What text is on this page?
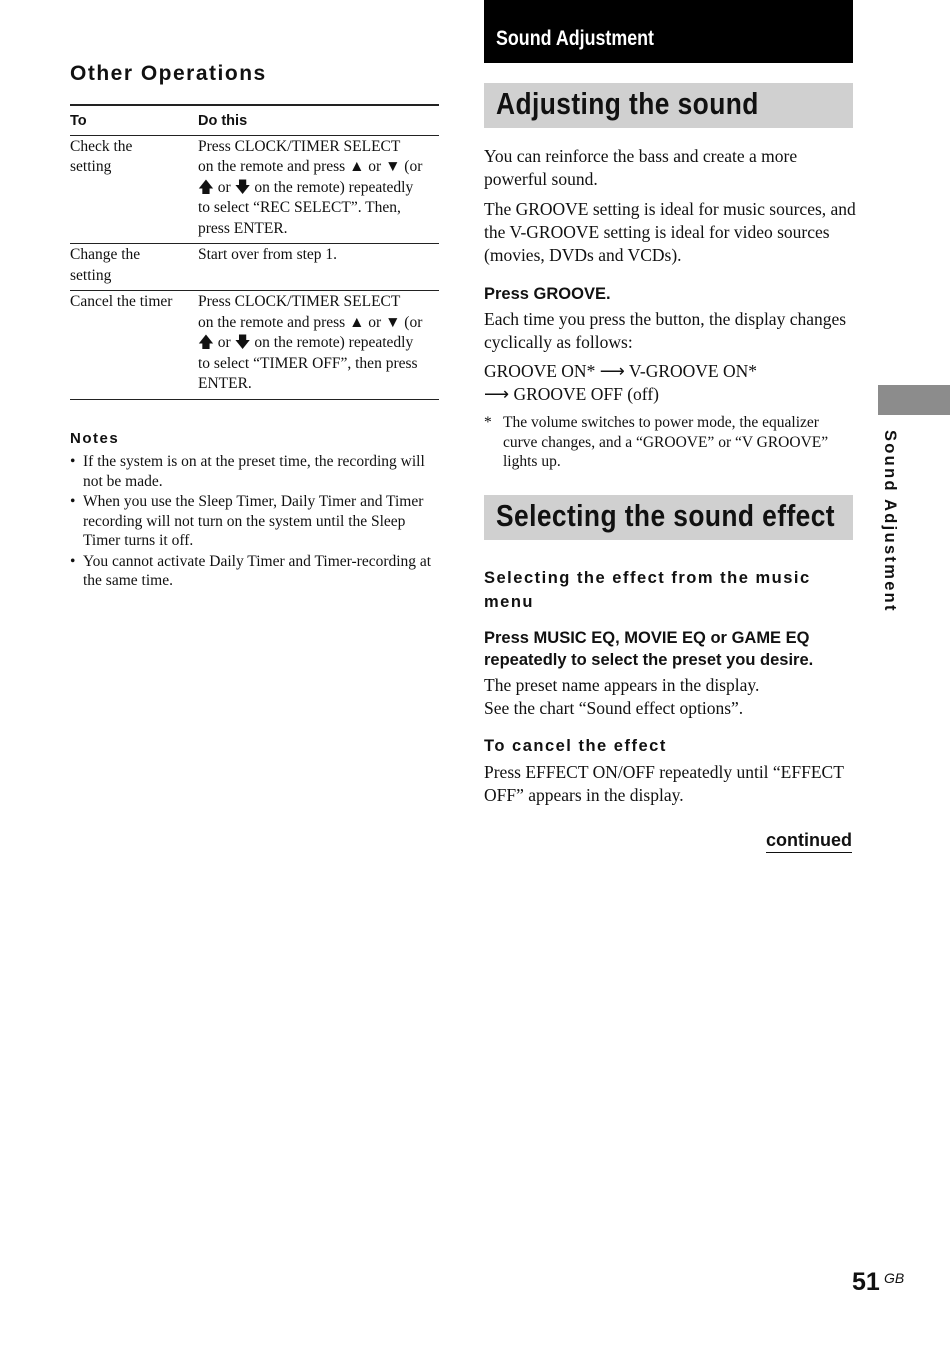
Other Operations
To	Do this
Check the
setting	Press CLOCK/TIMER SELECT
on the remote and press ▲ or ▼ (or
🡅 or 🡇 on the remote) repeatedly
to select “REC SELECT”. Then,
press ENTER.
Change the
setting	Start over from step 1.
Cancel the timer	Press CLOCK/TIMER SELECT
on the remote and press ▲ or ▼ (or
🡅 or 🡇 on the remote) repeatedly
to select “TIMER OFF”, then press
ENTER.
Notes
• If the system is on at the preset time, the recording will not be made.
• When you use the Sleep Timer, Daily Timer and Timer recording will not turn on the system until the Sleep Timer turns it off.
• You cannot activate Daily Timer and Timer-recording at the same time.
Sound Adjustment
Adjusting the sound
You can reinforce the bass and create a more powerful sound.
The GROOVE setting is ideal for music sources, and the V-GROOVE setting is ideal for video sources (movies, DVDs and VCDs).
Press GROOVE.
Each time you press the button, the display changes cyclically as follows:
GROOVE ON* ⟶ V-GROOVE ON*
⟶ GROOVE OFF (off)
* The volume switches to power mode, the equalizer curve changes, and a “GROOVE” or “V GROOVE” lights up.
Selecting the sound effect
Selecting the effect from the music menu
Press MUSIC EQ, MOVIE EQ or GAME EQ repeatedly to select the preset you desire.
The preset name appears in the display.
See the chart “Sound effect options”.
To cancel the effect
Press EFFECT ON/OFF repeatedly until “EFFECT OFF” appears in the display.
continued
Sound Adjustment
51 GB
